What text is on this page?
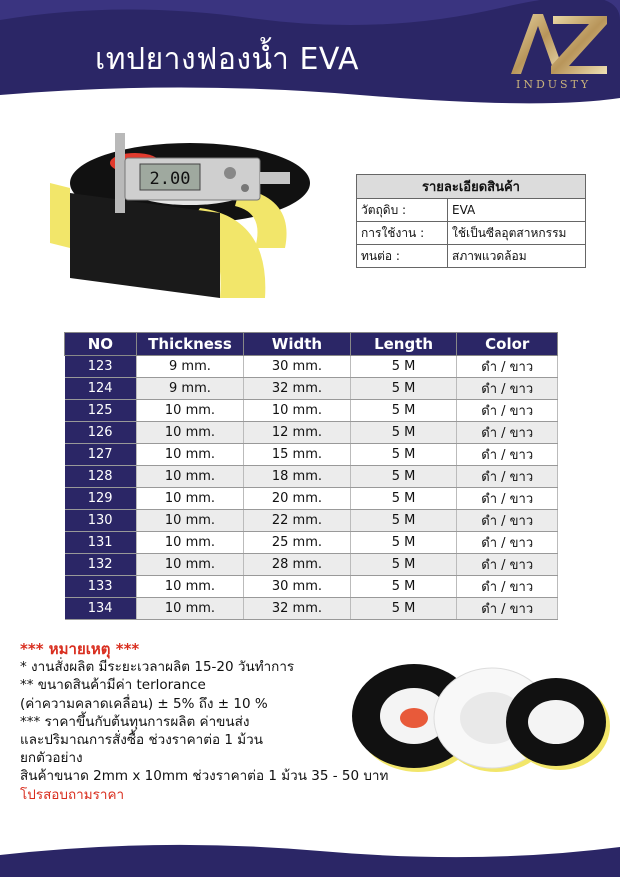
เทปยางฟองน้ำ EVA
INDUSTY
2.00	รายละเอียดสินค้า	
วัตถุดิบ :	EVA
การใช้งาน :	ใช้เป็นซีลอุตสาหกรรม
ทนต่อ :	สภาพแวดล้อม
NO	Thickness	Width	Length	Color
123	9 mm.	30 mm.	5 M	ดำ / ขาว
124	9 mm.	32 mm.	5 M	ดำ / ขาว
125	10 mm.	10 mm.	5 M	ดำ / ขาว
126	10 mm.	12 mm.	5 M	ดำ / ขาว
127	10 mm.	15 mm.	5 M	ดำ / ขาว
128	10 mm.	18 mm.	5 M	ดำ / ขาว
129	10 mm.	20 mm.	5 M	ดำ / ขาว
130	10 mm.	22 mm.	5 M	ดำ / ขาว
131	10 mm.	25 mm.	5 M	ดำ / ขาว
132	10 mm.	28 mm.	5 M	ดำ / ขาว
133	10 mm.	30 mm.	5 M	ดำ / ขาว
134	10 mm.	32 mm.	5 M	ดำ / ขาว
*** หมายเหตุ ***
* งานสั่งผลิต มีระยะเวลาผลิต 15-20 วันทำการ
** ขนาดสินค้ามีค่า terlorance
(ค่าความคลาดเคลื่อน) ± 5% ถึง ± 10 %
*** ราคาขึ้นกับต้นทุนการผลิต ค่าขนส่ง
และปริมาณการสั่งซื้อ ช่วงราคาต่อ 1 ม้วน
ยกตัวอย่าง
สินค้าขนาด 2mm x 10mm ช่วงราคาต่อ 1 ม้วน 35 - 50 บาท
โปรสอบถามราคา
